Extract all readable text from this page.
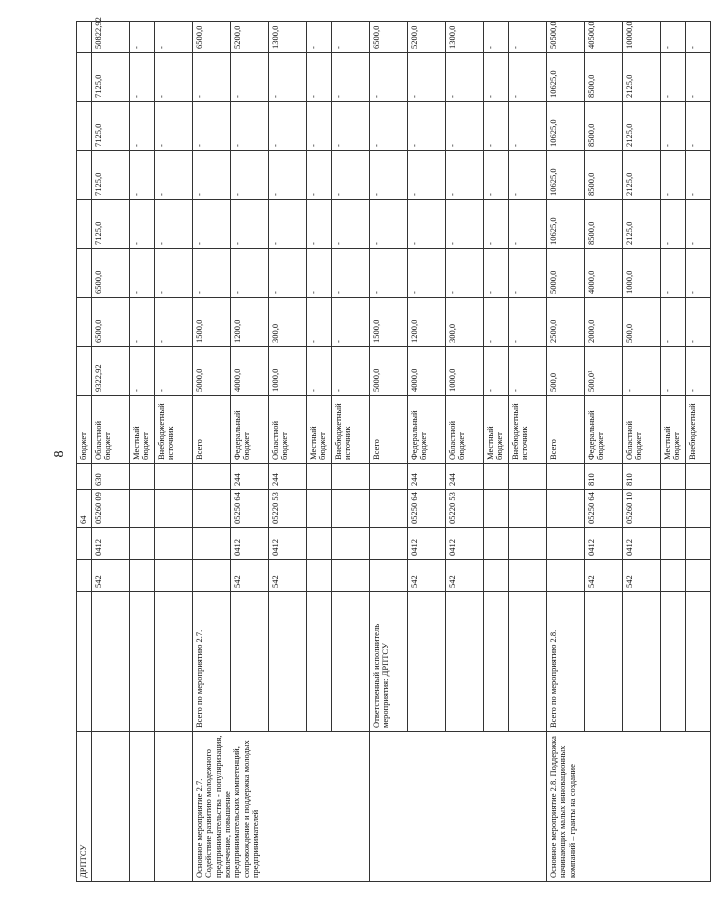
8
ДРПТСУ				64		бюджет								
		542	0412	05260 09	630	Областной бюджет	9322,92	6500,0	6500,0	7125,0	7125,0	7125,0	7125,0	50822,92
						Местный бюджет	-	-	-	-	-	-	-	-
						Внебюджетный источник	-	-	-	-	-	-	-	-
Основное мероприятие 2.7. Содействие развитию молодежного предпринимательства - популяризация, вовлечение, повышение предпринимательских компетенций, сопровождение и поддержка молодых предпринимателей	Всего по мероприятию 2.7.					Всего	5000,0	1500,0	-	-	-	-	-	6500,0
		542	0412	05250 64	244	Федеральный бюджет	4000,0	1200,0	-	-	-	-	-	5200,0
		542	0412	05220 53	244	Областной бюджет	1000,0	300,0	-	-	-	-	-	1300,0
						Местный бюджет	-	-	-	-	-	-	-	-
						Внебюджетный источник	-	-	-	-	-	-	-	-
	Ответственный исполнитель мероприятия: ДРПТСУ					Всего	5000,0	1500,0	-	-	-	-	-	6500,0
		542	0412	05250 64	244	Федеральный бюджет	4000,0	1200,0	-	-	-	-	-	5200,0
		542	0412	05220 53	244	Областной бюджет	1000,0	300,0	-	-	-	-	-	1300,0
						Местный бюджет	-	-	-	-	-	-	-	-
						Внебюджетный источник	-	-	-	-	-	-	-	-
Основное мероприятие 2.8. Поддержка начинающих малых инновационных компаний – гранты на создание	Всего по мероприятию 2.8.					Всего	500,0	2500,0	5000,0	10625,0	10625,0	10625,0	10625,0	50500,0
		542	0412	05250 64	810	Федеральный бюджет	500,0¹	2000,0	4000,0	8500,0	8500,0	8500,0	8500,0	40500,0
		542	0412	05260 10	810	Областной бюджет	-	500,0	1000,0	2125,0	2125,0	2125,0	2125,0	10000,0
						Местный бюджет	-	-	-	-	-	-	-	-
						Внебюджетный	-	-	-	-	-	-	-	-
